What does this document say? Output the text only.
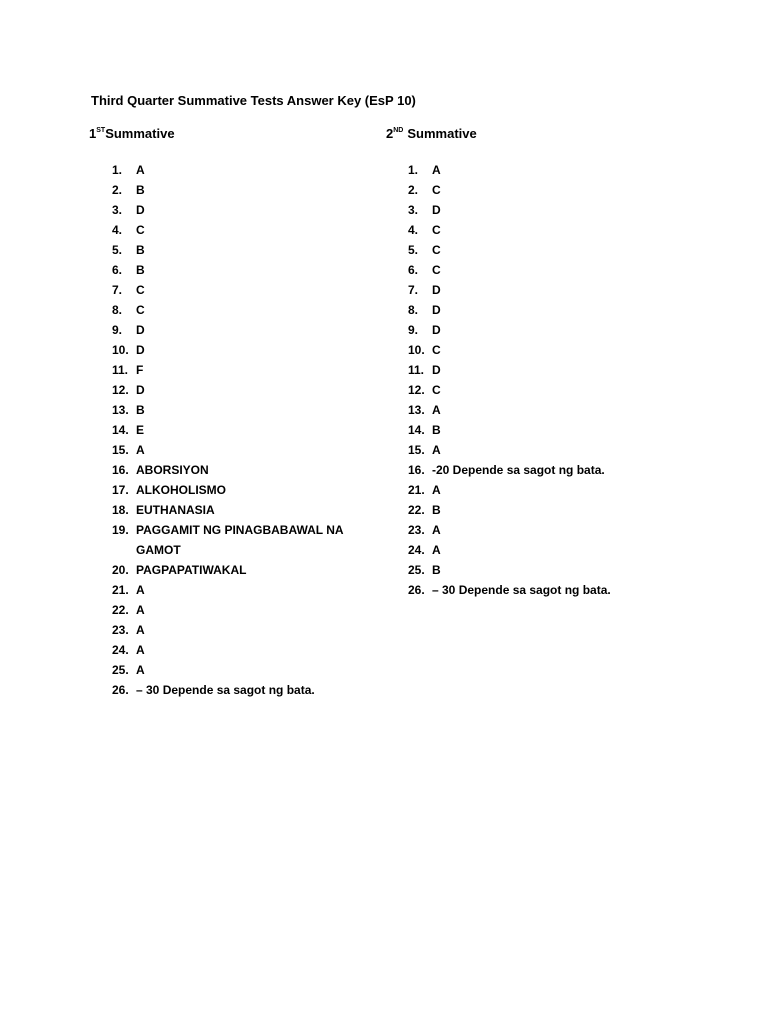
Third Quarter Summative Tests Answer Key (EsP 10)
1STSummative	2ND Summative
1.	A
2.	B
3.	D
4.	C
5.	B
6.	B
7.	C
8.	C
9.	D
10. D
11. F
12. D
13. B
14. E
15. A
16. ABORSIYON
17. ALKOHOLISMO
18. EUTHANASIA
19. PAGGAMIT NG PINAGBABAWAL NA GAMOT
20. PAGPAPATIWAKAL
21. A
22. A
23. A
24. A
25. A
26. – 30 Depende sa sagot ng bata.
1.	A
2.	C
3.	D
4.	C
5.	C
6.	C
7.	D
8.	D
9.	D
10. C
11. D
12. C
13. A
14. B
15. A
16. -20 Depende sa sagot ng bata.
21. A
22. B
23. A
24. A
25. B
26. – 30 Depende sa sagot ng bata.
